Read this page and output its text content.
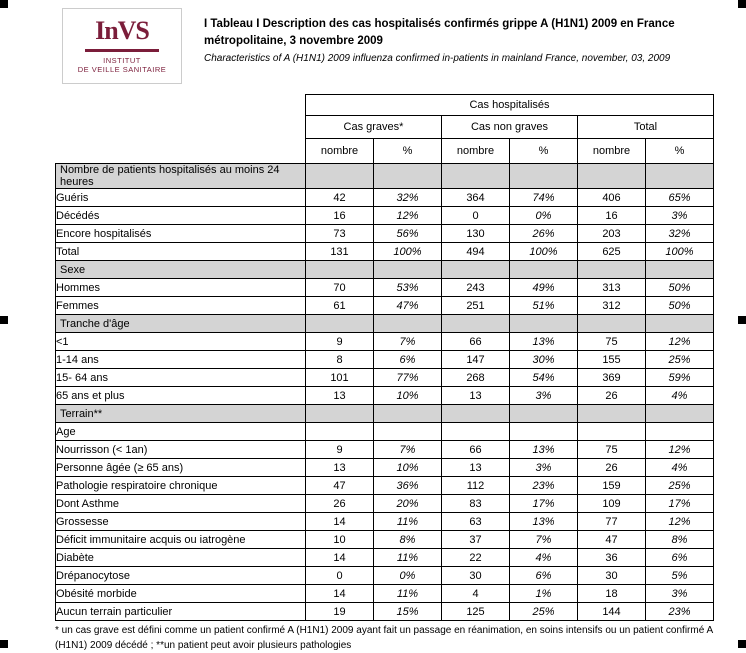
InVS
INSTITUT
DE VEILLE SANITAIRE
I Tableau I Description des cas hospitalisés confirmés grippe A (H1N1) 2009 en France métropolitaine, 3 novembre 2009
Characteristics of A (H1N1) 2009 influenza confirmed in-patients in mainland France, november, 03, 2009
	Cas hospitalisés					
	Cas graves*		Cas non graves		Total	
	nombre	%	nombre	%	nombre	%
Nombre de patients hospitalisés au moins 24 heures						
Guéris	42	32%	364	74%	406	65%
Décédés	16	12%	0	0%	16	3%
Encore hospitalisés	73	56%	130	26%	203	32%
Total	131	100%	494	100%	625	100%
Sexe						
Hommes	70	53%	243	49%	313	50%
Femmes	61	47%	251	51%	312	50%
Tranche d'âge						
<1	9	7%	66	13%	75	12%
1-14 ans	8	6%	147	30%	155	25%
15- 64 ans	101	77%	268	54%	369	59%
65 ans et plus	13	10%	13	3%	26	4%
Terrain**						
Age						
Nourrisson (< 1an)	9	7%	66	13%	75	12%
Personne âgée (≥ 65 ans)	13	10%	13	3%	26	4%
Pathologie respiratoire chronique	47	36%	112	23%	159	25%
Dont Asthme	26	20%	83	17%	109	17%
Grossesse	14	11%	63	13%	77	12%
Déficit immunitaire acquis ou iatrogène	10	8%	37	7%	47	8%
Diabète	14	11%	22	4%	36	6%
Drépanocytose	0	0%	30	6%	30	5%
Obésité morbide	14	11%	4	1%	18	3%
Aucun terrain particulier	19	15%	125	25%	144	23%
* un cas grave est défini comme un patient confirmé A (H1N1) 2009 ayant fait un passage en réanimation, en soins intensifs ou un patient confirmé A (H1N1) 2009 décédé ; **un patient peut avoir plusieurs pathologies
